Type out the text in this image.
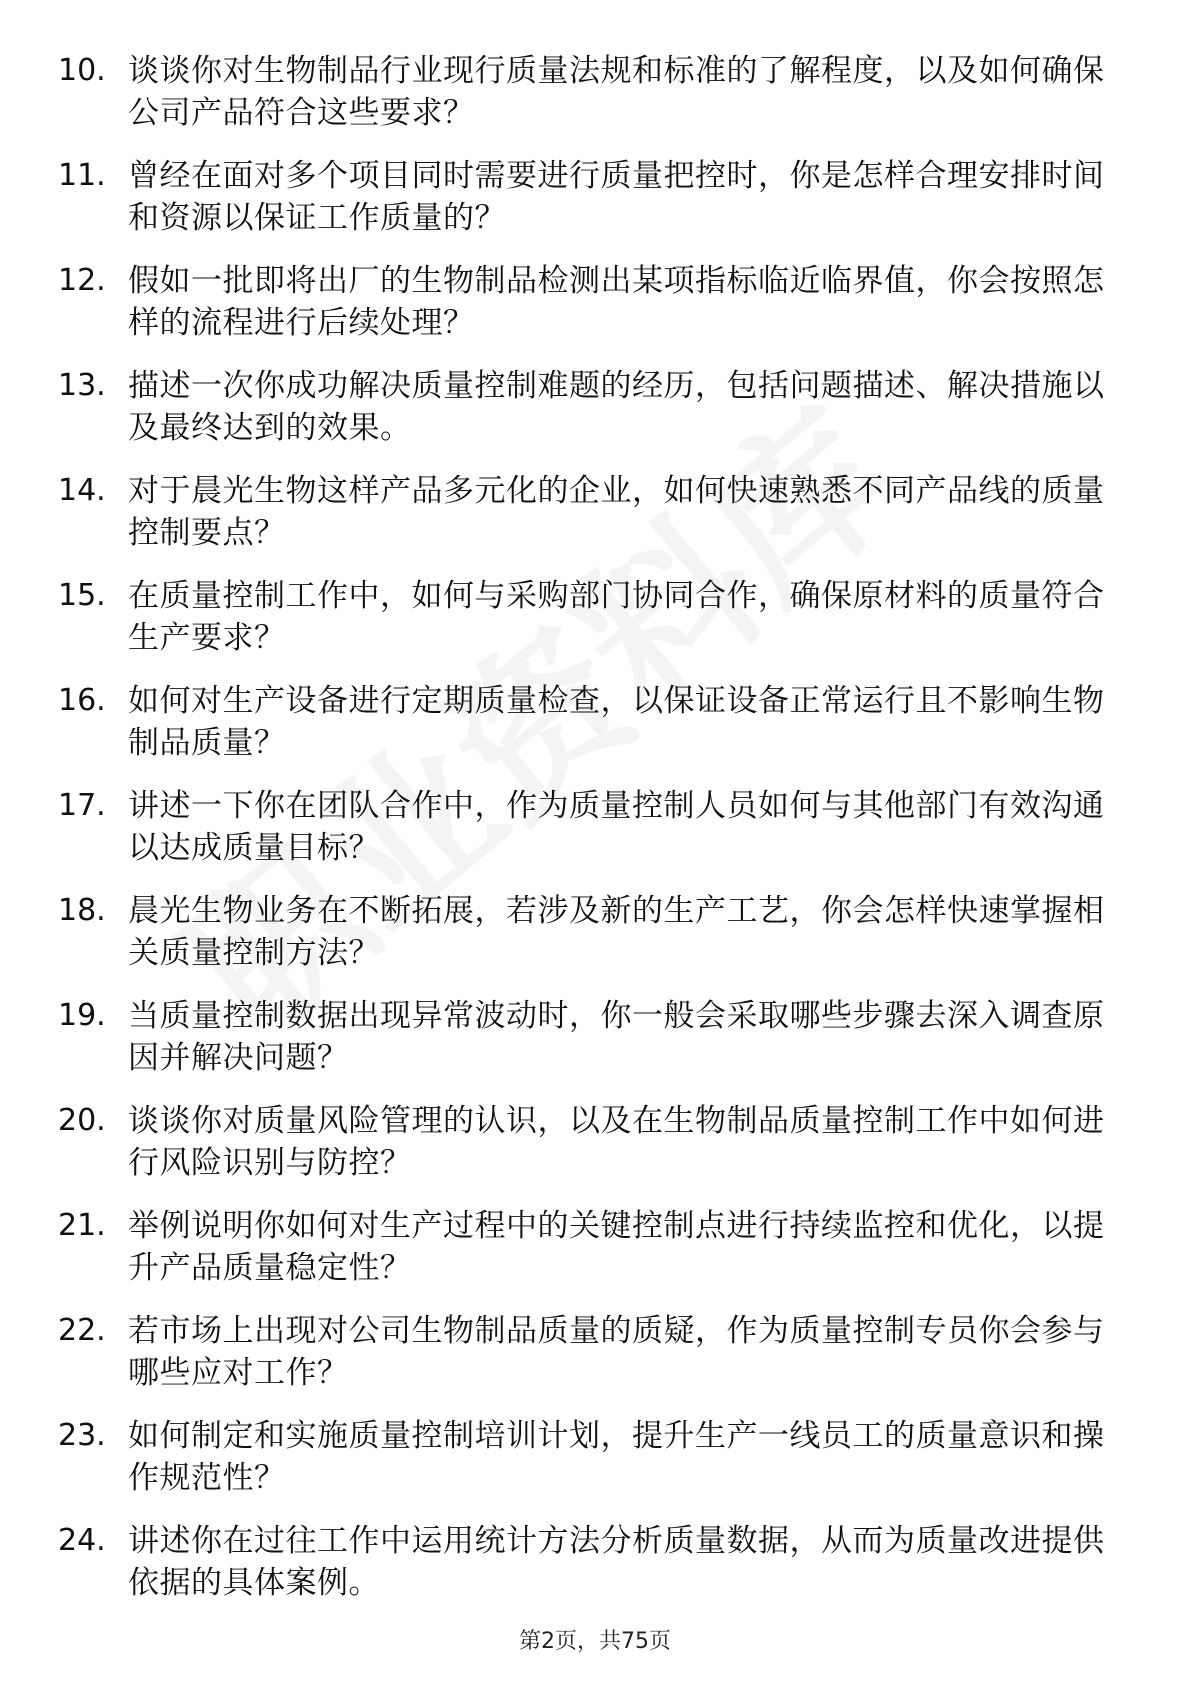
10. 谈谈你对生物制品行业现行质量法规和标准的了解程度，以及如何确保公司产品符合这些要求？
11. 曾经在面对多个项目同时需要进行质量把控时，你是怎样合理安排时间和资源以保证工作质量的？
12. 假如一批即将出厂的生物制品检测出某项指标临近临界值，你会按照怎样的流程进行后续处理？
13. 描述一次你成功解决质量控制难题的经历，包括问题描述、解决措施以及最终达到的效果。
14. 对于晨光生物这样产品多元化的企业，如何快速熟悉不同产品线的质量控制要点？
15. 在质量控制工作中，如何与采购部门协同合作，确保原材料的质量符合生产要求？
16. 如何对生产设备进行定期质量检查，以保证设备正常运行且不影响生物制品质量？
17. 讲述一下你在团队合作中，作为质量控制人员如何与其他部门有效沟通以达成质量目标？
18. 晨光生物业务在不断拓展，若涉及新的生产工艺，你会怎样快速掌握相关质量控制方法？
19. 当质量控制数据出现异常波动时，你一般会采取哪些步骤去深入调查原因并解决问题？
20. 谈谈你对质量风险管理的认识，以及在生物制品质量控制工作中如何进行风险识别与防控？
21. 举例说明你如何对生产过程中的关键控制点进行持续监控和优化，以提升产品质量稳定性？
22. 若市场上出现对公司生物制品质量的质疑，作为质量控制专员你会参与哪些应对工作？
23. 如何制定和实施质量控制培训计划，提升生产一线员工的质量意识和操作规范性？
24. 讲述你在过往工作中运用统计方法分析质量数据，从而为质量改进提供依据的具体案例。
第2页，共75页
